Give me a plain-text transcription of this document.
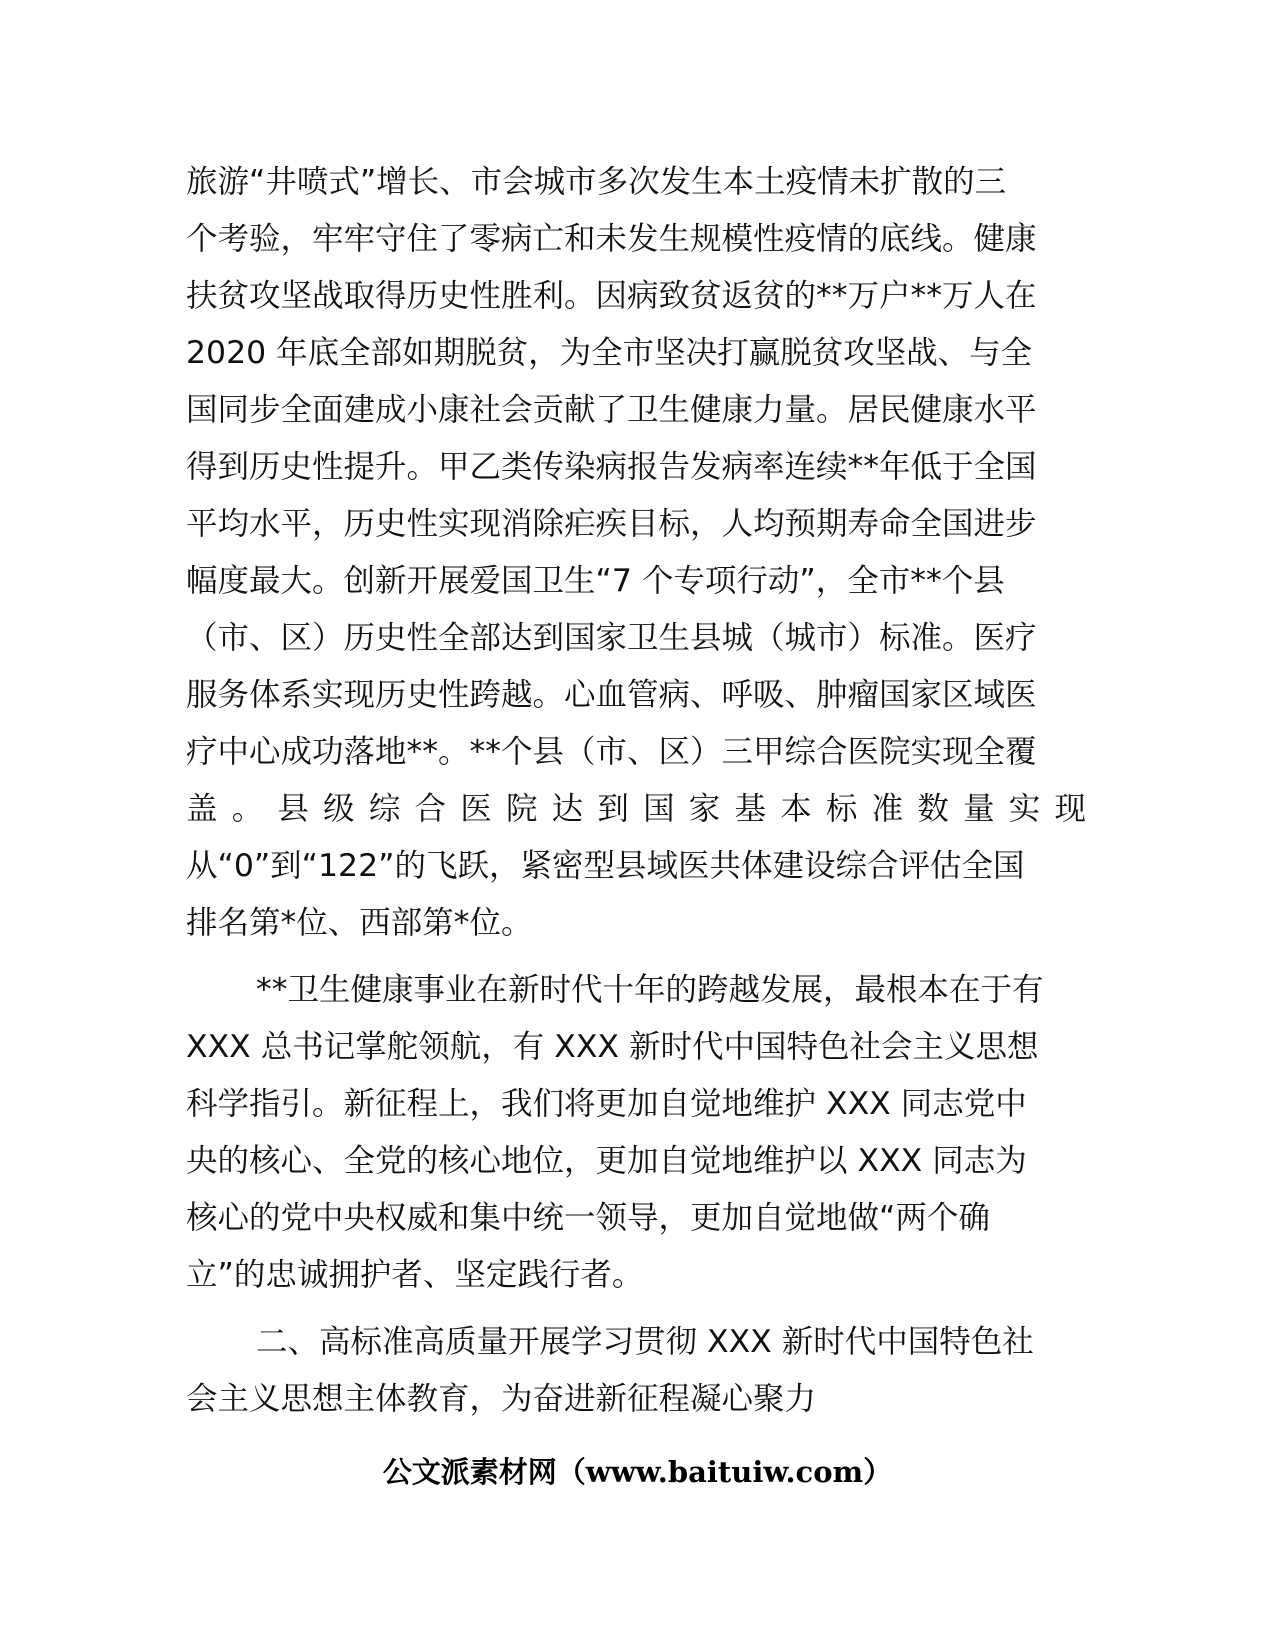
旅游“井喷式”增长、市会城市多次发生本土疫情未扩散的三
个考验，牢牢守住了零病亡和未发生规模性疫情的底线。健康
扶贫攻坚战取得历史性胜利。因病致贫返贫的**万户**万人在
2020 年底全部如期脱贫，为全市坚决打赢脱贫攻坚战、与全
国同步全面建成小康社会贡献了卫生健康力量。居民健康水平
得到历史性提升。甲乙类传染病报告发病率连续**年低于全国
平均水平，历史性实现消除疟疾目标，人均预期寿命全国进步
幅度最大。创新开展爱国卫生“7 个专项行动”，全市**个县
（市、区）历史性全部达到国家卫生县城（城市）标准。医疗
服务体系实现历史性跨越。心血管病、呼吸、肿瘤国家区域医
疗中心成功落地**。**个县（市、区）三甲综合医院实现全覆
盖。县级综合医院达到国家基本标准数量实现
从“0”到“122”的飞跃，紧密型县域医共体建设综合评估全国
排名第*位、西部第*位。
**卫生健康事业在新时代十年的跨越发展，最根本在于有
XXX 总书记掌舵领航，有 XXX 新时代中国特色社会主义思想
科学指引。新征程上，我们将更加自觉地维护 XXX 同志党中
央的核心、全党的核心地位，更加自觉地维护以 XXX 同志为
核心的党中央权威和集中统一领导，更加自觉地做“两个确
立”的忠诚拥护者、坚定践行者。
二、高标准高质量开展学习贯彻 XXX 新时代中国特色社
会主义思想主体教育，为奋进新征程凝心聚力
公文派素材网（www.baituiw.com）
